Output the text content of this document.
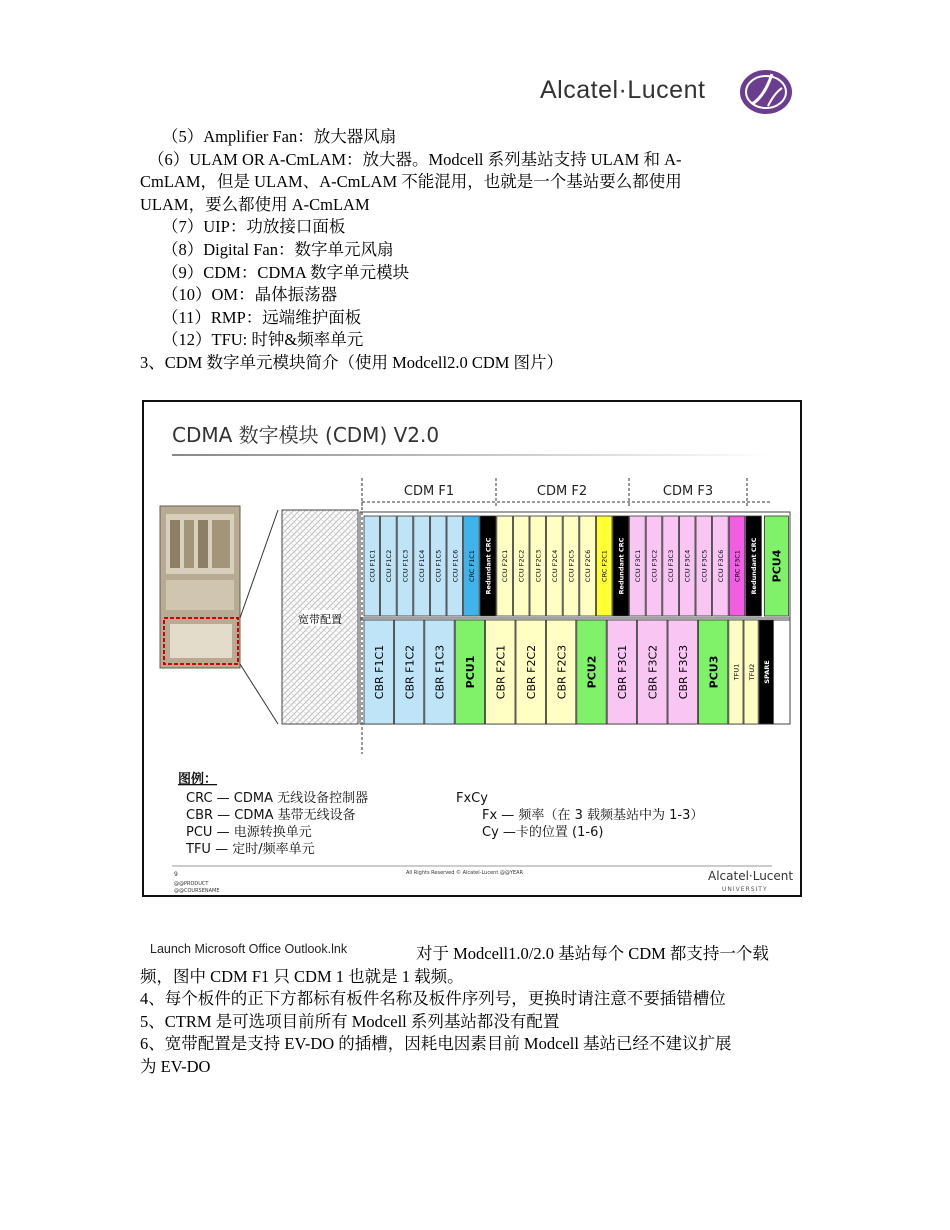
Alcatel·Lucent
（5）Amplifier Fan：放大器风扇
（6）ULAM OR A-CmLAM：放大器。Modcell 系列基站支持 ULAM 和 A-
CmLAM，但是 ULAM、A-CmLAM 不能混用，也就是一个基站要么都使用
ULAM，要么都使用 A-CmLAM
（7）UIP：功放接口面板
（8）Digital Fan：数字单元风扇
（9）CDM：CDMA 数字单元模块
（10）OM：晶体振荡器
（11）RMP：远端维护面板
（12）TFU: 时钟&频率单元
3、CDM 数字单元模块简介（使用 Modcell2.0 CDM 图片）
CDMA 数字模块 (CDM) V2.0
宽带配置
CDM F1	CDM F2	CDM F3
CCU F1C1 CCU F1C2 CCU F1C3 CCU F1C4 CCU F1C5 CCU F1C6 CRC F1C1 Redundant CRC CCU F2C1 CCU F2C2 CCU F2C3 CCU F2C4 CCU F2C5 CCU F2C6 CRC F2C1 Redundant CRC CCU F3C1 CCU F3C2 CCU F3C3 CCU F3C4 CCU F3C5 CCU F3C6 CRC F3C1 Redundant CRC PCU4
CBR F1C1 CBR F1C2 CBR F1C3 PCU1 CBR F2C1 CBR F2C2 CBR F2C3 PCU2 CBR F3C1 CBR F3C2 CBR F3C3 PCU3 TFU1 TFU2 SPARE
图例：
CRC — CDMA 无线设备控制器
CBR — CDMA 基带无线设备
PCU — 电源转换单元
TFU — 定时/频率单元
FxCy
Fx — 频率（在 3 载频基站中为 1-3）
Cy —卡的位置 (1-6)
9
@@PRODUCT
@@COURSENAME
All Rights Reserved © Alcatel-Lucent @@YEAR	Alcatel·Lucent
UNIVERSITY
Launch Microsoft Office Outlook.lnk	对于 Modcell1.0/2.0 基站每个 CDM 都支持一个载
频，图中 CDM F1 只 CDM 1 也就是 1 载频。
4、每个板件的正下方都标有板件名称及板件序列号，更换时请注意不要插错槽位
5、CTRM 是可选项目前所有 Modcell 系列基站都没有配置
6、宽带配置是支持 EV-DO 的插槽，因耗电因素目前 Modcell 基站已经不建议扩展
为 EV-DO
